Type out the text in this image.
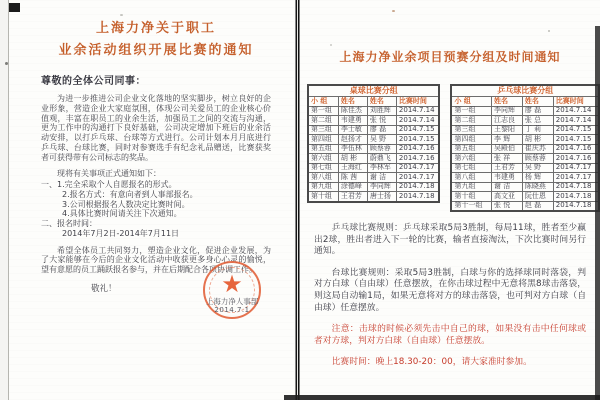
上海力净关于职工
业余活动组织开展比赛的通知
尊敬的全体公司同事：

为进一步推进公司企业文化落地的坚实脚步，树立良好的企业形象，营造企业大家庭氛围，体现公司关爱员工的企业核心价值观，丰富在职员工的业余生活，加强员工之间的交流与沟通，更为工作中的沟通打下良好基础，公司决定增加下班后的业余活动安排，以打乒乓球、台球等方式进行。公司计划本月月底进行乒乓球、台球比赛，同时对参赛选手有纪念礼品赠送，比赛获奖者可获得带有公司标志的奖品。

现将有关事项正式通知如下：

一、1.完全采取个人自愿报名的形式。
2.报名方式：有意向者到人事部报名。
3.公司根据报名人数决定比赛时间。
4.具体比赛时间请关注下次通知。
二、报名时间：
2014年7月2日-2014年7月11日

希望全体员工共同努力，塑造企业文化，促进企业发展，为了大家能够在今后的企业文化活动中收获更多身心心灵的愉悦，望有意愿的员工踊跃报名参与，并在后期配合各项协调工作。

敬礼！	★
上海力净人事部
2014.7.1
上海力净业余项目预赛分组及时间通知
桌球比赛分组			
小 组	姓名	姓名	比赛时间
第一组	陈佳杰	刘胜辉	2014.7.14
第二组	韦建勇	张 悦	2014.7.14
第三组	李士敏	廖 磊	2014.7.15
第四组	赵扬才	吴 野	2014.7.15
第五组	李伍林	顾蔡蓉	2014.7.16
第六组	胡 彬	蔚鼎飞	2014.7.16
第七组	王海红	李林军	2014.7.17
第八组	陈 茜	谢 洁	2014.7.17
第九组	涂德峰	李同辉	2014.7.18
第十组	王君芳	唐士扬	2014.7.18
乒乓球比赛分组			
小 组	姓名	姓名	比赛时间
第一组	李同辉	廖 磊	2014.7.14
第二组	江志良	张 总	2014.7.14
第三组	王黎阳	丁 莉	2014.7.15
第四组	李 辉	胡 彬	2014.7.15
第五组	吴殿伯	崔庆苏	2014.7.16
第六组	张 祥	顾蔡蓉	2014.7.16
第七组	王君芳	吴 野	2014.7.17
第八组	韦建勇	杨 辉	2014.7.17
第九组	谢 洁	陈晓燕	2014.7.18
第十组	高文亚	阮仕恩	2014.7.18
第十一组	张 悦	赵 磊	2014.7.18

乒乓球比赛规则：乒乓球采取5局3胜制，每局11球，胜者至少赢出2球，胜出者进入下一轮的比赛，输者直接淘汰，下次比赛时间另行通知。

台球比赛规则：采取5局3胜制，白球与你的选择球同时落袋，判对方白球（自由球）任意摆放，在你击球过程中无意将黑8球击落袋，则这局自动输1局，如果无意将对方的球击落袋，也可判对方白球（自由球）任意摆放。

注意：击球的时候必须先击中自己的球，如果没有击中任何球或者对方球，判对方白球（自由球）任意摆放。

比赛时间：晚上18.30-20：00，请大家准时参加。
